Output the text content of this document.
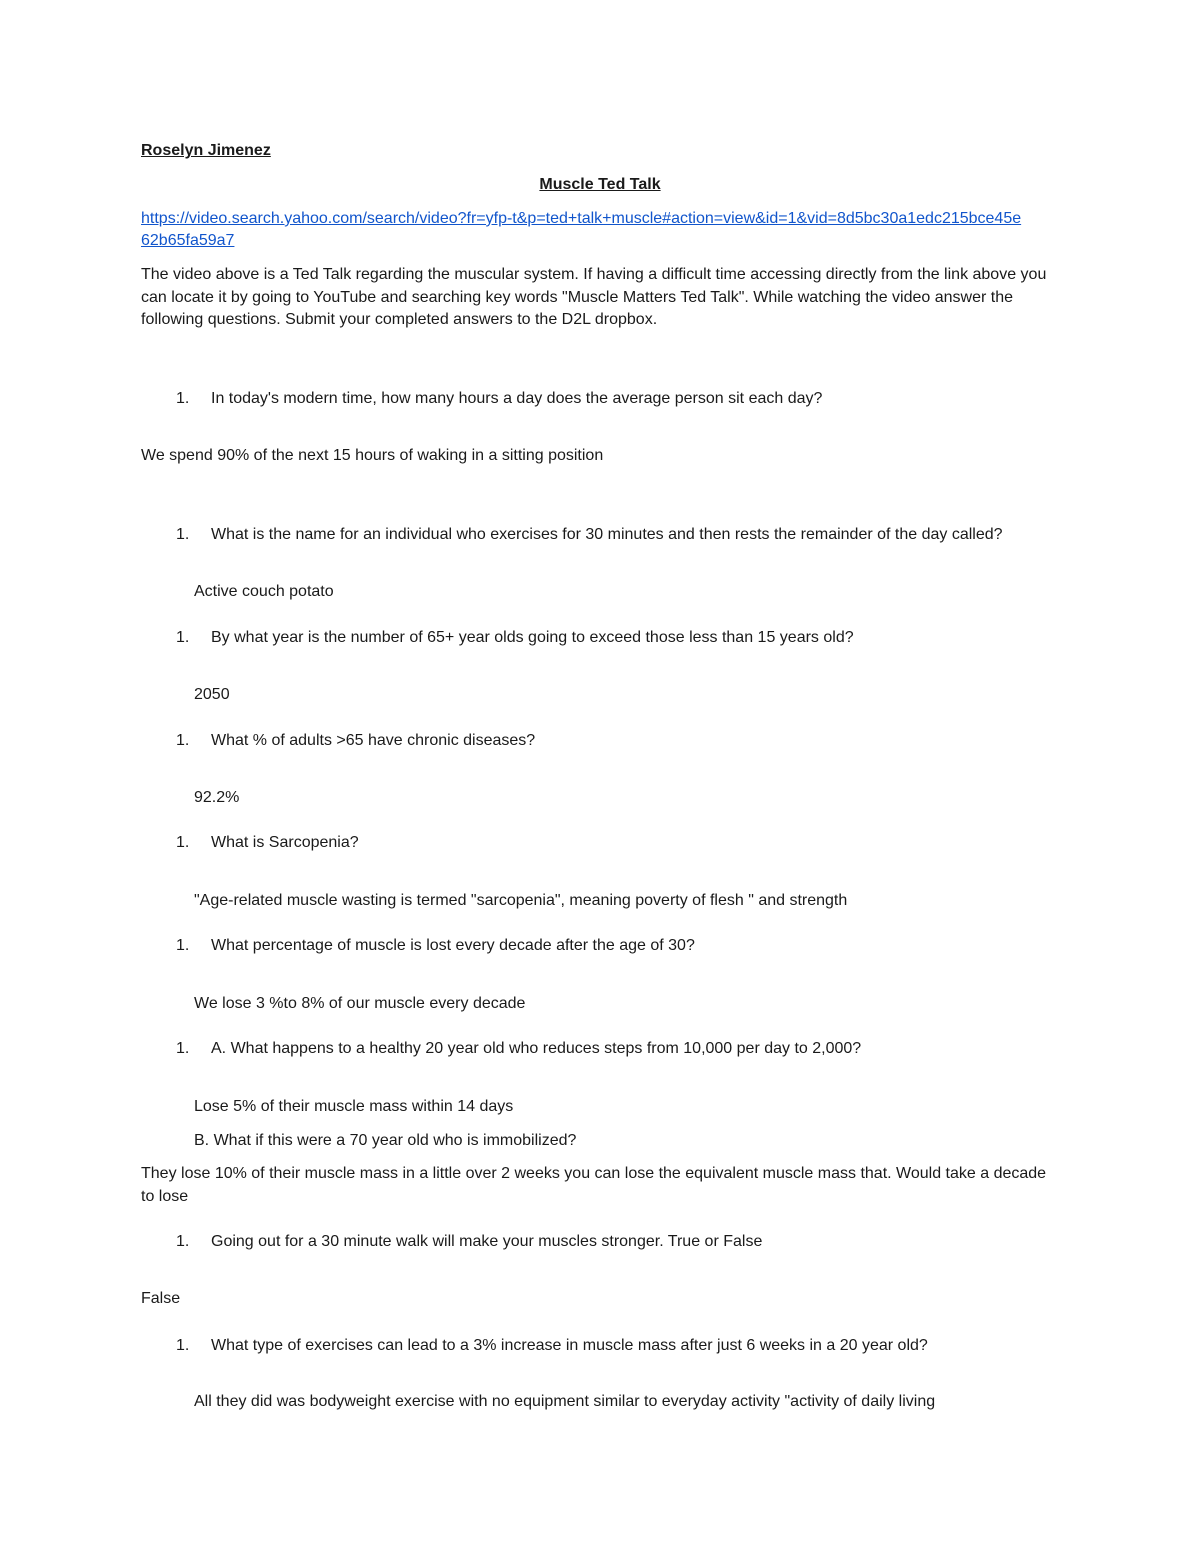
Roselyn Jimenez

Muscle Ted Talk

https://video.search.yahoo.com/search/video?fr=yfp-t&p=ted+talk+muscle#action=view&id=1&vid=8d5bc30a1edc215bce45e
62b65fa59a7

The video above is a Ted Talk regarding the muscular system. If having a difficult time accessing directly from the link above you can locate it by going to YouTube and searching key words "Muscle Matters Ted Talk". While watching the video answer the following questions. Submit your completed answers to the D2L dropbox.

1.	In today's modern time, how many hours a day does the average person sit each day?
We spend 90% of the next 15 hours of waking in a sitting position
1.	What is the name for an individual who exercises for 30 minutes and then rests the remainder of the day called?
Active couch potato
1.	By what year is the number of 65+ year olds going to exceed those less than 15 years old?
2050
1.	What % of adults >65 have chronic diseases?
92.2%
1.	What is Sarcopenia?
"Age-related muscle wasting is termed "sarcopenia", meaning poverty of flesh " and strength
1.	What percentage of muscle is lost every decade after the age of 30?
We lose 3 %to 8% of our muscle every decade
1.	A. What happens to a healthy 20 year old who reduces steps from 10,000 per day to 2,000?
Lose 5% of their muscle mass within 14 days
B. What if this were a 70 year old who is immobilized?

They lose 10% of their muscle mass in a little over 2 weeks you can lose the equivalent muscle mass that. Would take a decade to lose

1.	Going out for a 30 minute walk will make your muscles stronger. True or False
False
1.	What type of exercises can lead to a 3% increase in muscle mass after just 6 weeks in a 20 year old?
All they did was bodyweight exercise with no equipment similar to everyday activity "activity of daily living
